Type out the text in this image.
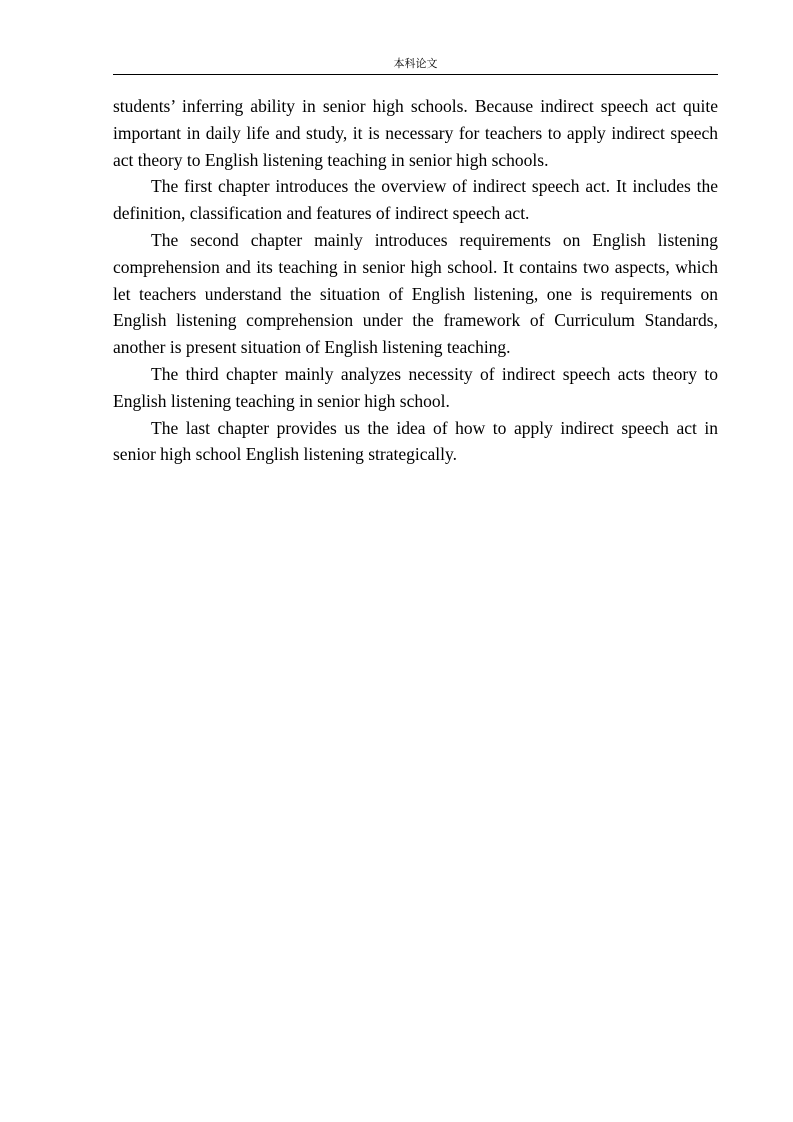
本科论文

students’ inferring ability in senior high schools. Because indirect speech act quite important in daily life and study, it is necessary for teachers to apply indirect speech act theory to English listening teaching in senior high schools.

The first chapter introduces the overview of indirect speech act. It includes the definition, classification and features of indirect speech act.

The second chapter mainly introduces requirements on English listening comprehension and its teaching in senior high school. It contains two aspects, which let teachers understand the situation of English listening, one is requirements on English listening comprehension under the framework of Curriculum Standards, another is present situation of English listening teaching.

The third chapter mainly analyzes necessity of indirect speech acts theory to English listening teaching in senior high school.

The last chapter provides us the idea of how to apply indirect speech act in senior high school English listening strategically.
